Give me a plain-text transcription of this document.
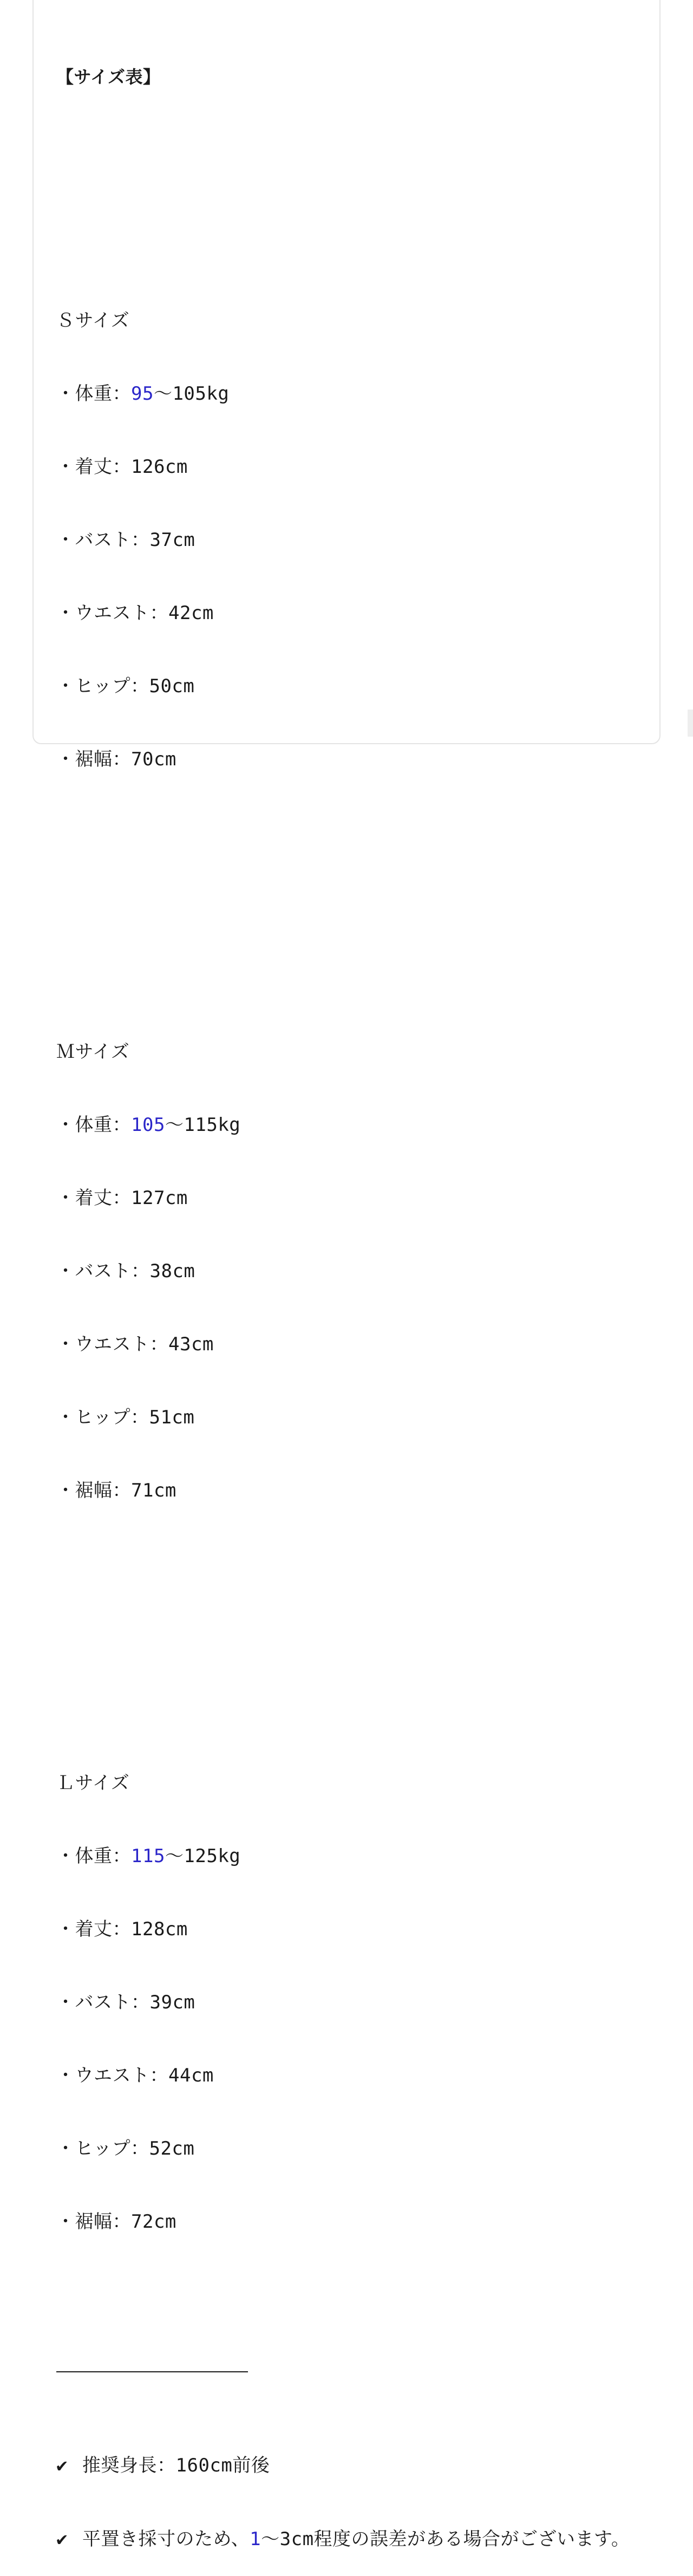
【サイズ表】

Ｓサイズ

・体重：95～105kg

・着丈：126cm

・バスト：37cm

・ウエスト：42cm

・ヒップ：50cm

・裾幅：70cm

Ｍサイズ

・体重：105～115kg

・着丈：127cm

・バスト：38cm

・ウエスト：43cm

・ヒップ：51cm

・裾幅：71cm

Ｌサイズ

・体重：115～125kg

・着丈：128cm

・バスト：39cm

・ウエスト：44cm

・ヒップ：52cm

・裾幅：72cm

✔ 推奨身長：160cm前後

✔ 平置き採寸のため、1～3cm程度の誤差がある場合がございます。
